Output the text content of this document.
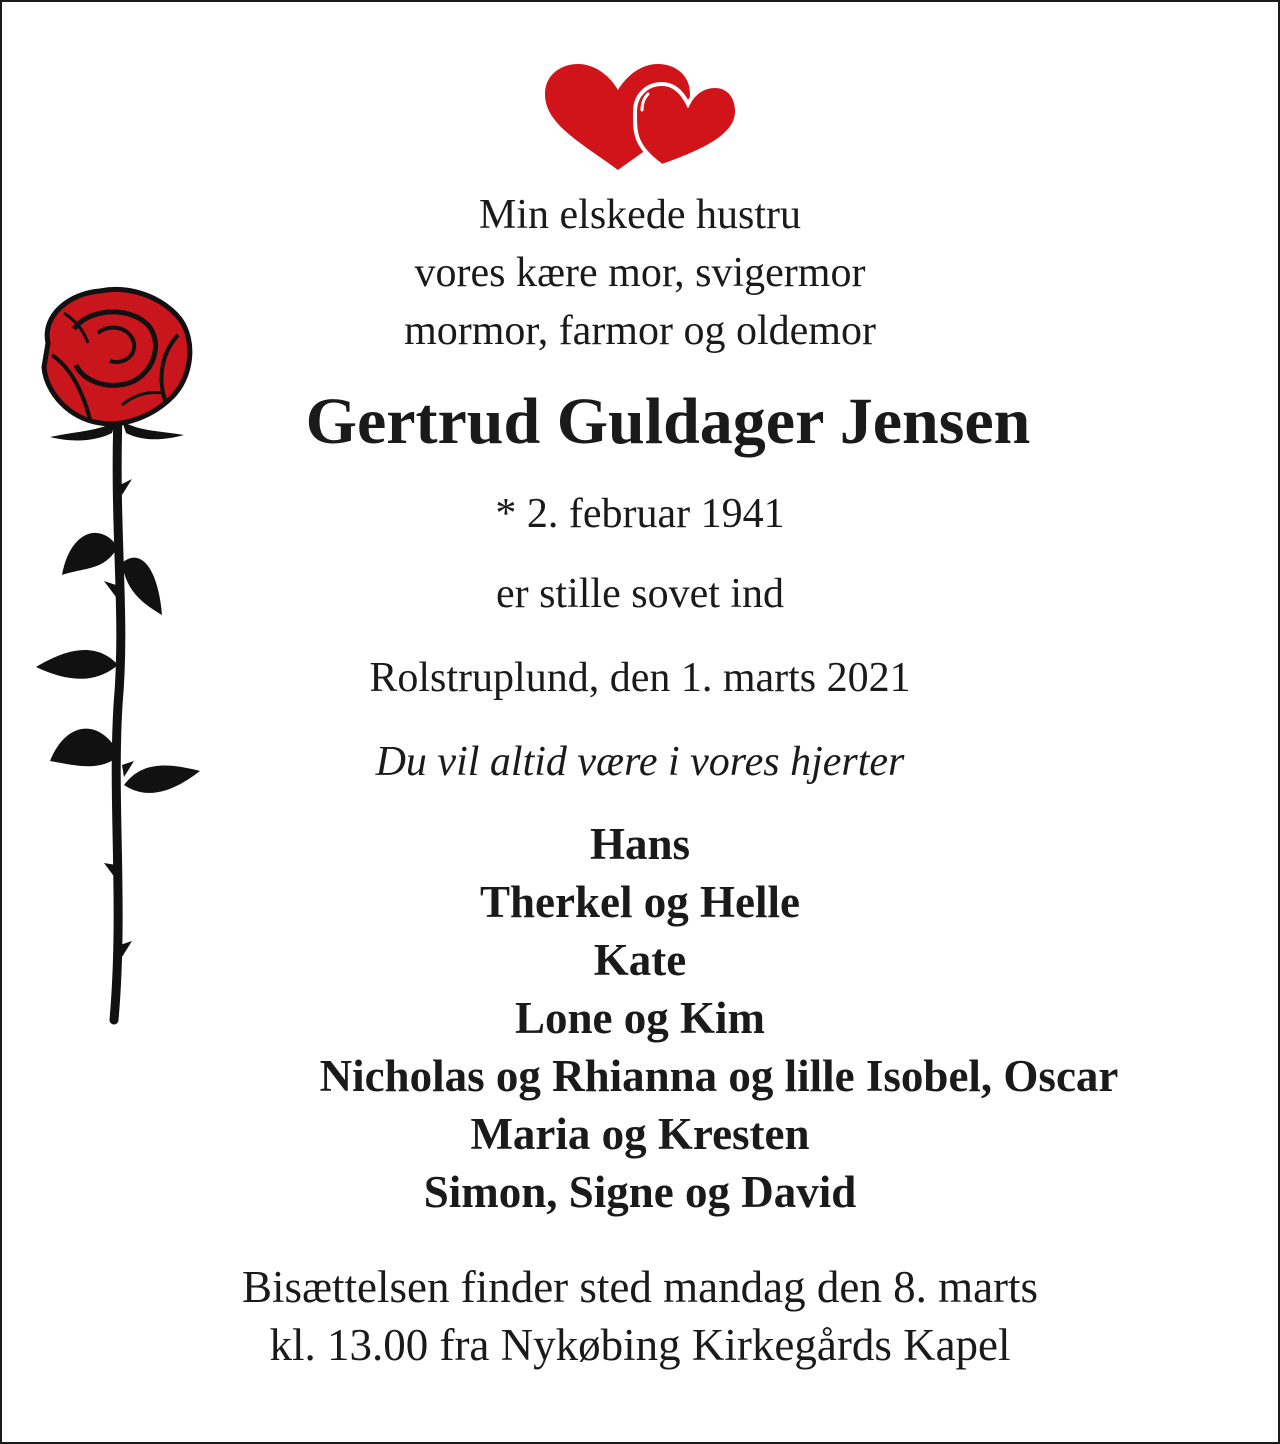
Min elskede hustru
vores kære mor, svigermor
mormor, farmor og oldemor
Gertrud Guldager Jensen
* 2. februar 1941
er stille sovet ind
Rolstruplund, den 1. marts 2021
Du vil altid være i vores hjerter
Hans
Therkel og Helle
Kate
Lone og Kim
Nicholas og Rhianna og lille Isobel, Oscar
Maria og Kresten
Simon, Signe og David
Bisættelsen finder sted mandag den 8. marts
kl. 13.00 fra Nykøbing Kirkegårds Kapel
